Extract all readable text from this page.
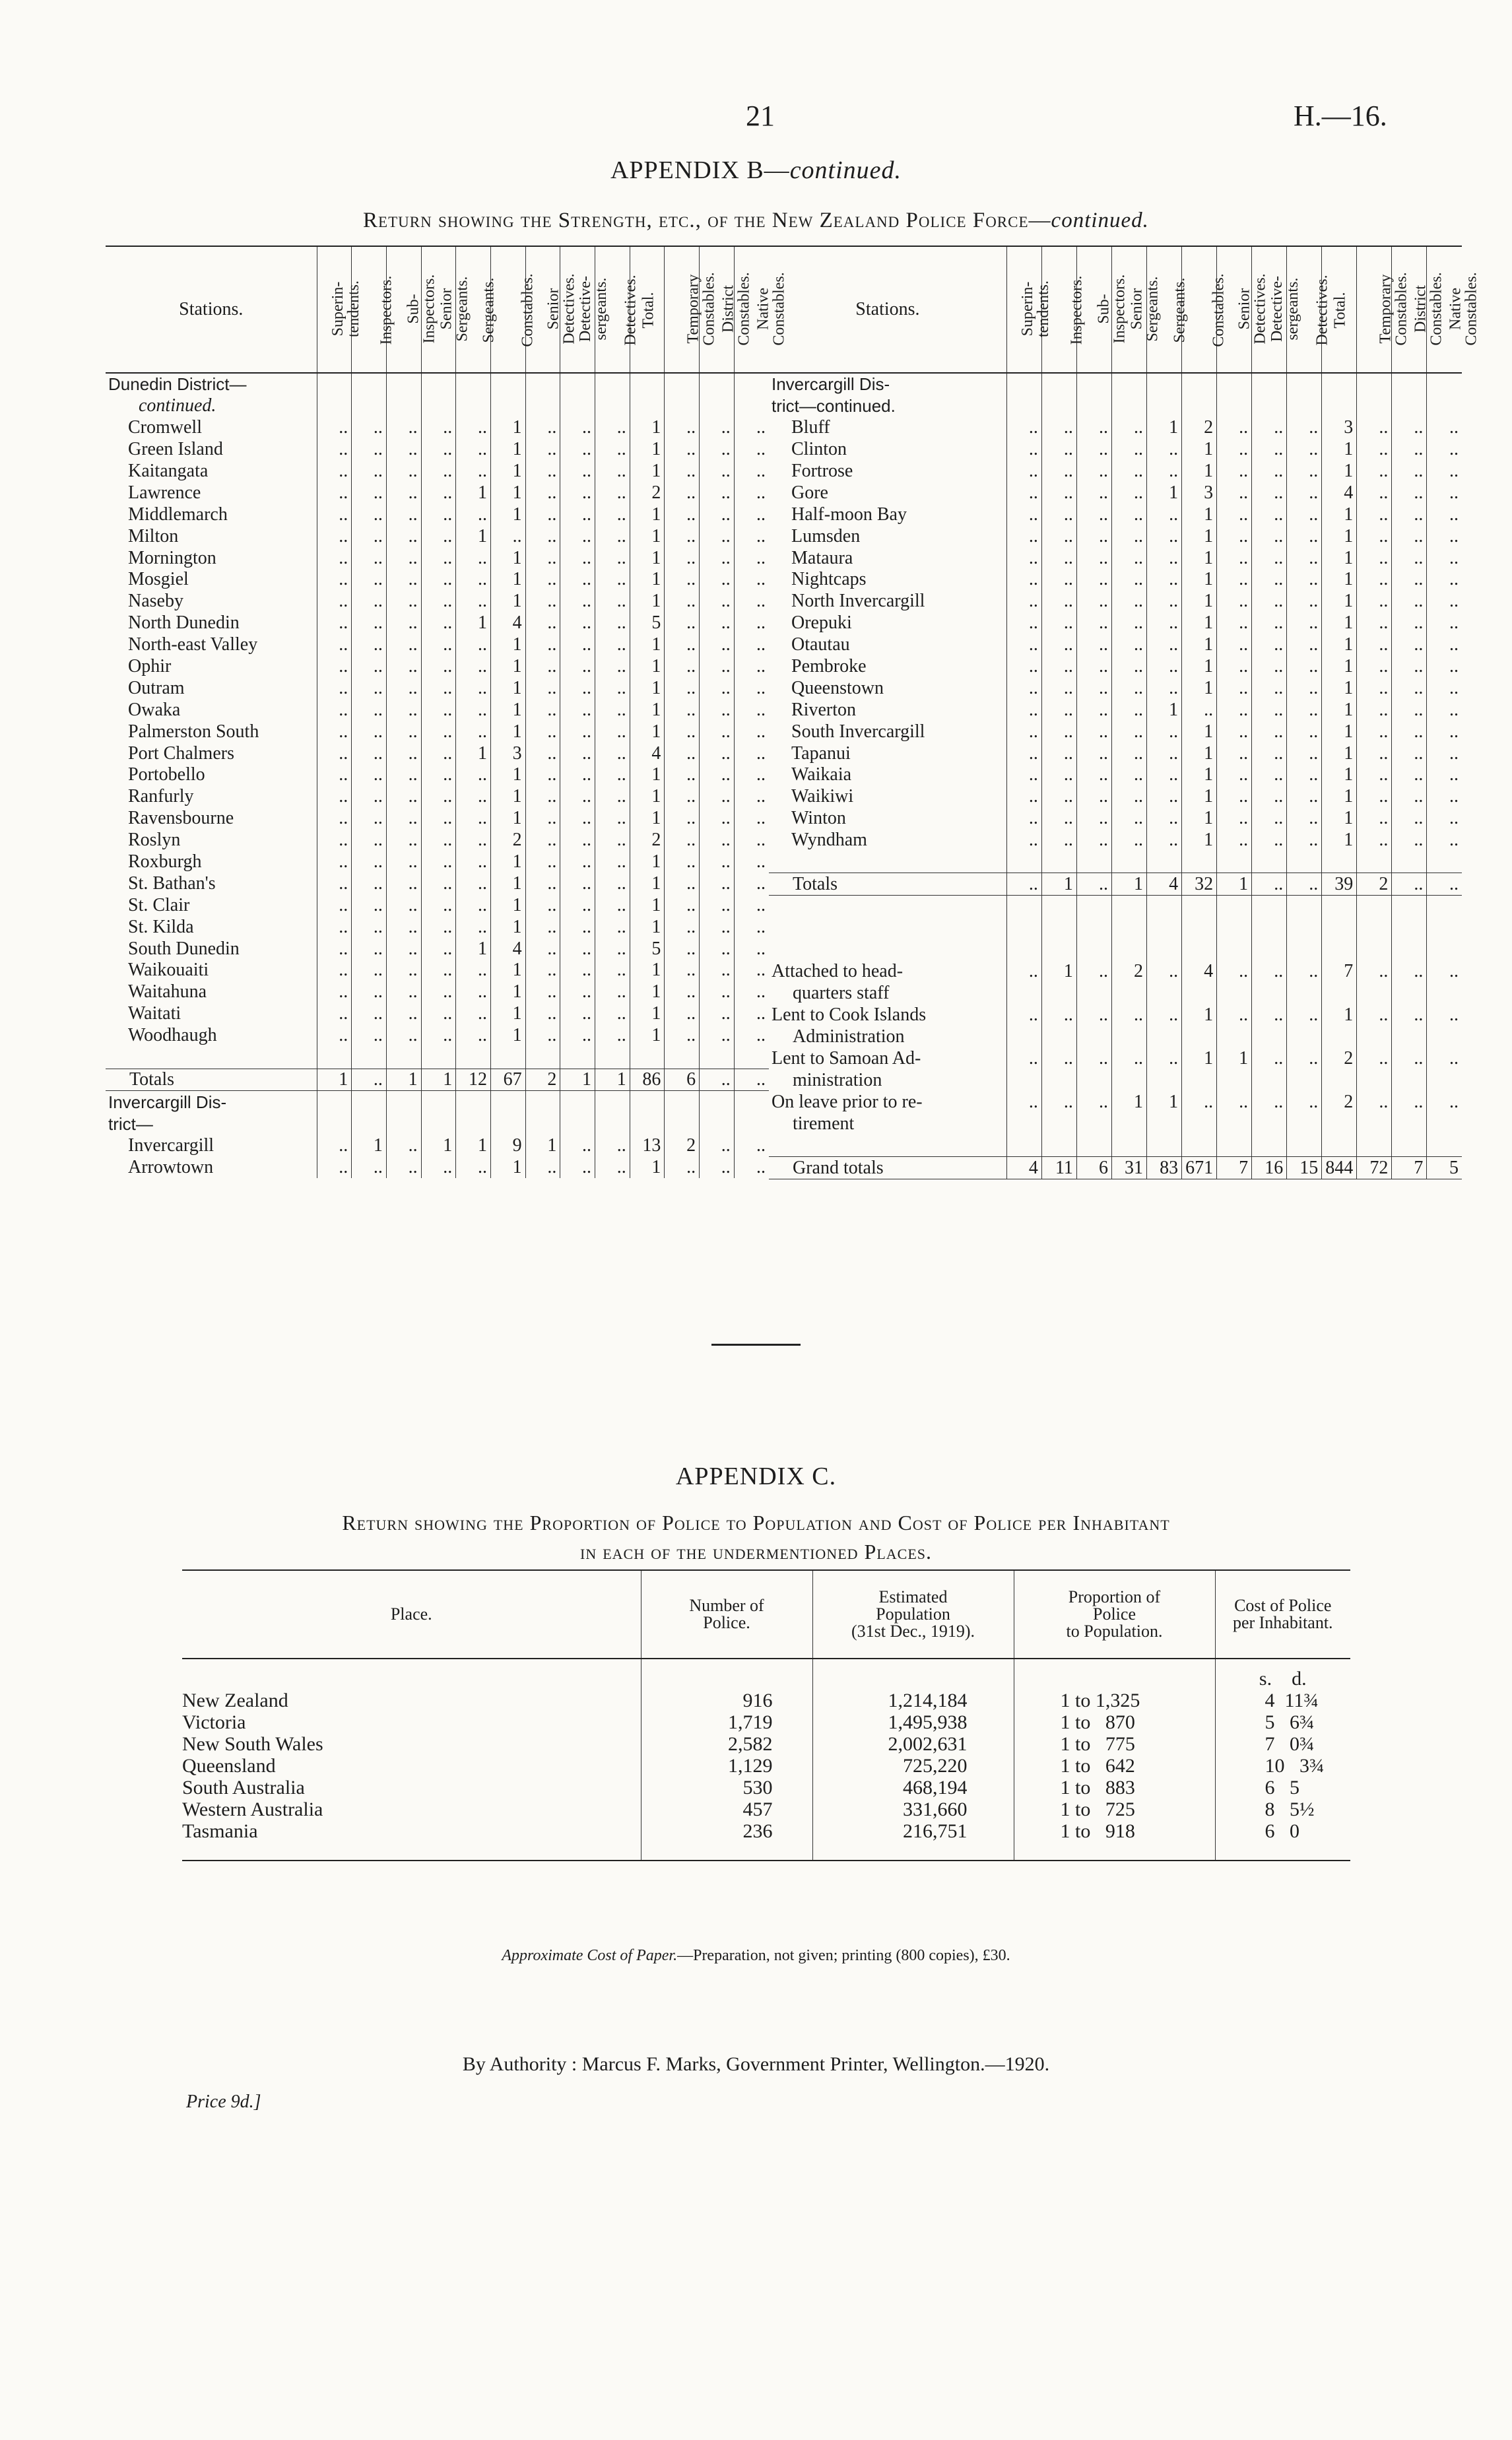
21	H.—16.
APPENDIX B—continued.
Return showing the Strength, etc., of the New Zealand Police Force—continued.
Stations.	Superin-
tendents.	Inspectors.	Sub-
Inspectors.	Senior
Sergeants.	Sergeants.	Constables.	Senior
Detectives.	Detective-
sergeants.	Detectives.	Total.	Temporary
Constables.	District
Constables.	Native
Constables.
Dunedin District—													
continued.													
Cromwell	..	..	..	..	..	1	..	..	..	1	..	..	..
Green Island	..	..	..	..	..	1	..	..	..	1	..	..	..
Kaitangata	..	..	..	..	..	1	..	..	..	1	..	..	..
Lawrence	..	..	..	..	1	1	..	..	..	2	..	..	..
Middlemarch	..	..	..	..	..	1	..	..	..	1	..	..	..
Milton	..	..	..	..	1	..	..	..	..	1	..	..	..
Mornington	..	..	..	..	..	1	..	..	..	1	..	..	..
Mosgiel	..	..	..	..	..	1	..	..	..	1	..	..	..
Naseby	..	..	..	..	..	1	..	..	..	1	..	..	..
North Dunedin	..	..	..	..	1	4	..	..	..	5	..	..	..
North-east Valley	..	..	..	..	..	1	..	..	..	1	..	..	..
Ophir	..	..	..	..	..	1	..	..	..	1	..	..	..
Outram	..	..	..	..	..	1	..	..	..	1	..	..	..
Owaka	..	..	..	..	..	1	..	..	..	1	..	..	..
Palmerston South	..	..	..	..	..	1	..	..	..	1	..	..	..
Port Chalmers	..	..	..	..	1	3	..	..	..	4	..	..	..
Portobello	..	..	..	..	..	1	..	..	..	1	..	..	..
Ranfurly	..	..	..	..	..	1	..	..	..	1	..	..	..
Ravensbourne	..	..	..	..	..	1	..	..	..	1	..	..	..
Roslyn	..	..	..	..	..	2	..	..	..	2	..	..	..
Roxburgh	..	..	..	..	..	1	..	..	..	1	..	..	..
St. Bathan's	..	..	..	..	..	1	..	..	..	1	..	..	..
St. Clair	..	..	..	..	..	1	..	..	..	1	..	..	..
St. Kilda	..	..	..	..	..	1	..	..	..	1	..	..	..
South Dunedin	..	..	..	..	1	4	..	..	..	5	..	..	..
Waikouaiti	..	..	..	..	..	1	..	..	..	1	..	..	..
Waitahuna	..	..	..	..	..	1	..	..	..	1	..	..	..
Waitati	..	..	..	..	..	1	..	..	..	1	..	..	..
Woodhaugh	..	..	..	..	..	1	..	..	..	1	..	..	..

Totals	1	..	1	1	12	67	2	1	1	86	6	..	..
Invercargill Dis-													
trict—													
Invercargill	..	1	..	1	1	9	1	..	..	13	2	..	..
Arrowtown	..	..	..	..	..	1	..	..	..	1	..	..	..
Stations.	Superin-
tendents.	Inspectors.	Sub-
Inspectors.	Senior
Sergeants.	Sergeants.	Constables.	Senior
Detectives.	Detective-
sergeants.	Detectives.	Total.	Temporary
Constables.	District
Constables.	Native
Constables.
Invercargill Dis-													
trict—continued.													
Bluff	..	..	..	..	1	2	..	..	..	3	..	..	..
Clinton	..	..	..	..	..	1	..	..	..	1	..	..	..
Fortrose	..	..	..	..	..	1	..	..	..	1	..	..	..
Gore	..	..	..	..	1	3	..	..	..	4	..	..	..
Half-moon Bay	..	..	..	..	..	1	..	..	..	1	..	..	..
Lumsden	..	..	..	..	..	1	..	..	..	1	..	..	..
Mataura	..	..	..	..	..	1	..	..	..	1	..	..	..
Nightcaps	..	..	..	..	..	1	..	..	..	1	..	..	..
North Invercargill	..	..	..	..	..	1	..	..	..	1	..	..	..
Orepuki	..	..	..	..	..	1	..	..	..	1	..	..	..
Otautau	..	..	..	..	..	1	..	..	..	1	..	..	..
Pembroke	..	..	..	..	..	1	..	..	..	1	..	..	..
Queenstown	..	..	..	..	..	1	..	..	..	1	..	..	..
Riverton	..	..	..	..	1	..	..	..	..	1	..	..	..
South Invercargill	..	..	..	..	..	1	..	..	..	1	..	..	..
Tapanui	..	..	..	..	..	1	..	..	..	1	..	..	..
Waikaia	..	..	..	..	..	1	..	..	..	1	..	..	..
Waikiwi	..	..	..	..	..	1	..	..	..	1	..	..	..
Winton	..	..	..	..	..	1	..	..	..	1	..	..	..
Wyndham	..	..	..	..	..	1	..	..	..	1	..	..	..

Totals	..	1	..	1	4	32	1	..	..	39	2	..	..

Attached to head-	..	1	..	2	..	4	..	..	..	7	..	..	..
quarters staff													
Lent to Cook Islands	..	..	..	..	..	1	..	..	..	1	..	..	..
Administration													
Lent to Samoan Ad-	..	..	..	..	..	1	1	..	..	2	..	..	..
ministration													
On leave prior to re-	..	..	..	1	1	..	..	..	..	2	..	..	..
tirement													

Grand totals	4	11	6	31	83	671	7	16	15	844	72	7	5
APPENDIX C.
Return showing the Proportion of Police to Population and Cost of Police per Inhabitant
in each of the undermentioned Places.
Place.	Number of
Police.	Estimated
Population
(31st Dec., 1919).	Proportion of
Police
to Population.	Cost of Police
per Inhabitant.
				s.    d.
New Zealand	916	1,214,184	1 to 1,325	4  11¾
Victoria	1,719	1,495,938	1 to   870	5   6¾
New South Wales	2,582	2,002,631	1 to   775	7   0¾
Queensland	1,129	725,220	1 to   642	10   3¾
South Australia	530	468,194	1 to   883	6   5
Western Australia	457	331,660	1 to   725	8   5½
Tasmania	236	216,751	1 to   918	6   0
Approximate Cost of Paper.—Preparation, not given; printing (800 copies), £30.
By Authority : Marcus F. Marks, Government Printer, Wellington.—1920.
Price 9d.]
